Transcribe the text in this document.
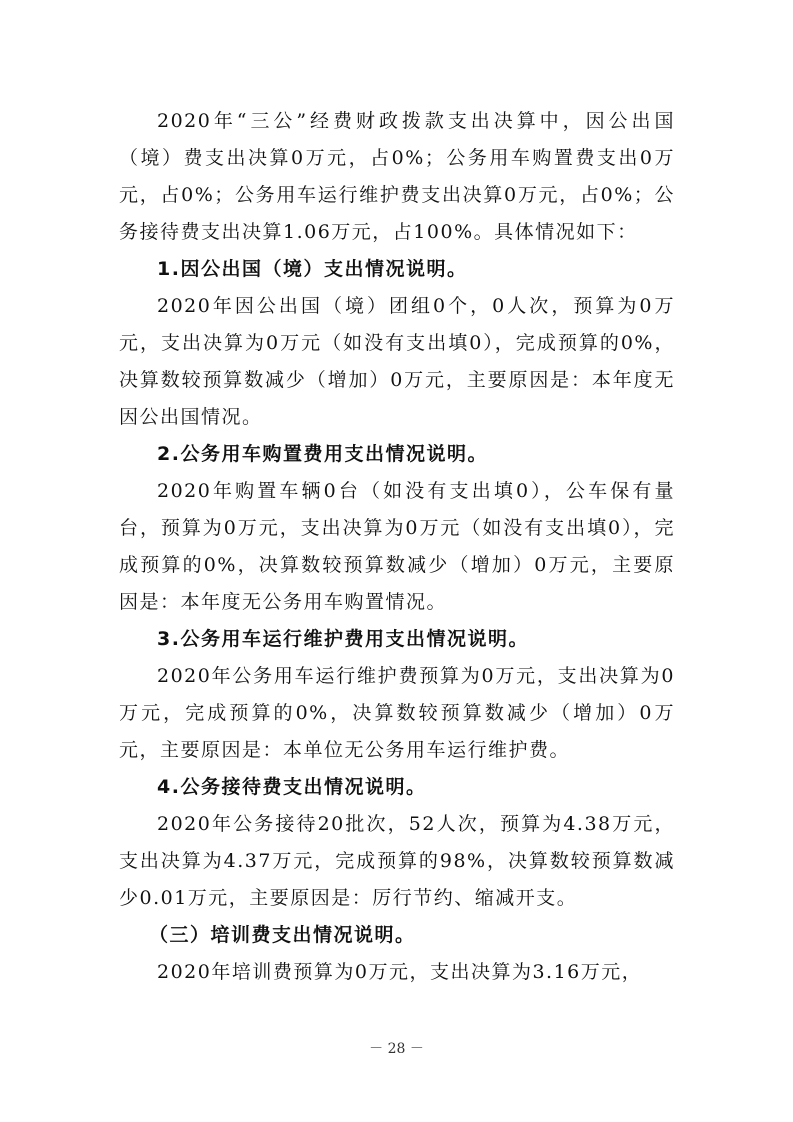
2020年“三公”经费财政拨款支出决算中，因公出国（境）费支出决算0万元，占0%；公务用车购置费支出0万元，占0%；公务用车运行维护费支出决算0万元，占0%；公务接待费支出决算1.06万元，占100%。具体情况如下：

1.因公出国（境）支出情况说明。

2020年因公出国（境）团组0个，0人次，预算为0万元，支出决算为0万元（如没有支出填0），完成预算的0%，决算数较预算数减少（增加）0万元，主要原因是：本年度无因公出国情况。

2.公务用车购置费用支出情况说明。

2020年购置车辆0台（如没有支出填0），公车保有量台，预算为0万元，支出决算为0万元（如没有支出填0），完成预算的0%，决算数较预算数减少（增加）0万元，主要原因是：本年度无公务用车购置情况。

3.公务用车运行维护费用支出情况说明。

2020年公务用车运行维护费预算为0万元，支出决算为0万元，完成预算的0%，决算数较预算数减少（增加）0万元，主要原因是：本单位无公务用车运行维护费。

4.公务接待费支出情况说明。

2020年公务接待20批次，52人次，预算为4.38万元，支出决算为4.37万元，完成预算的98%，决算数较预算数减少0.01万元，主要原因是：厉行节约、缩减开支。

（三）培训费支出情况说明。

2020年培训费预算为0万元，支出决算为3.16万元，

－ 28 －
